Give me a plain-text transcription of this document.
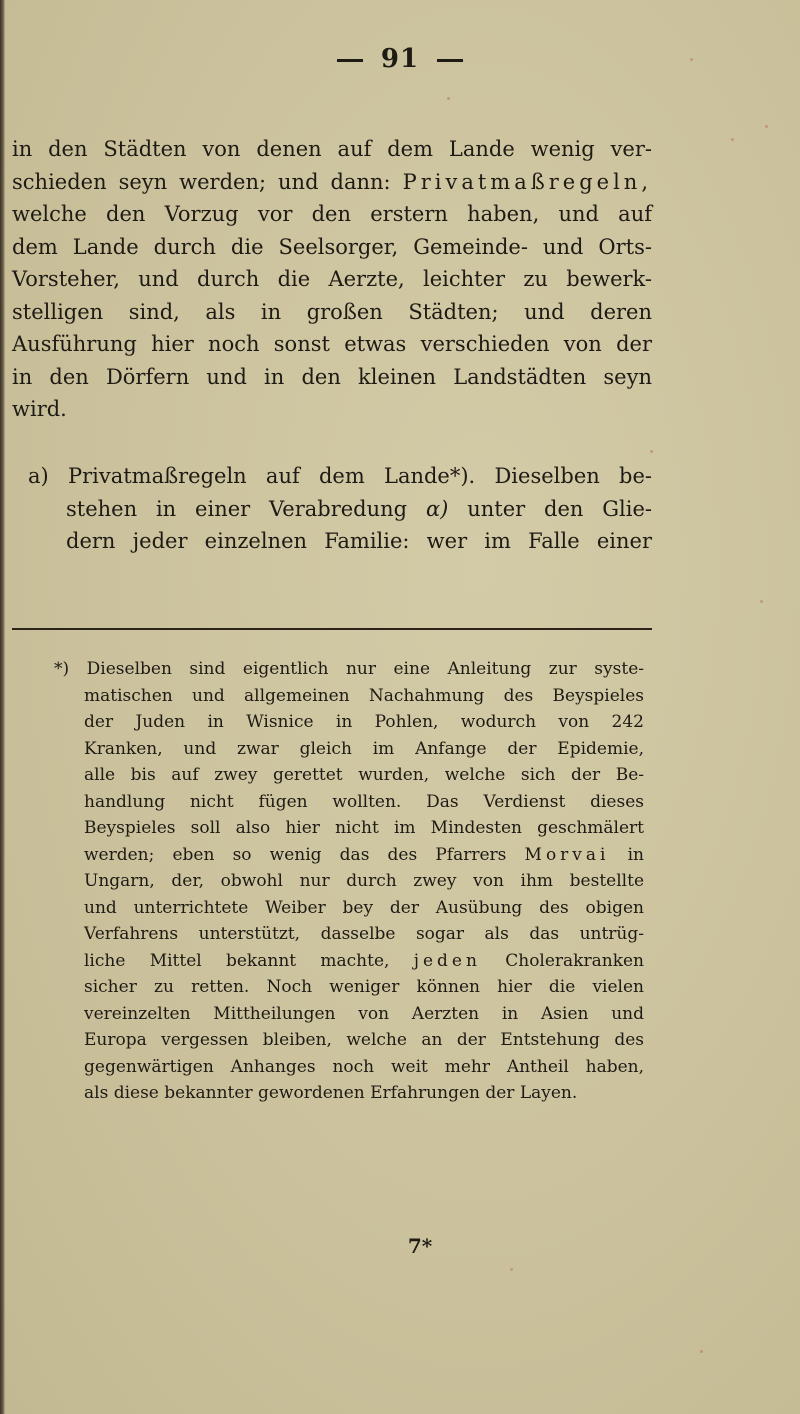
91
in den Städten von denen auf dem Lande wenig ver-
schieden seyn werden; und dann: Privatmaßregeln,
welche den Vorzug vor den erstern haben, und auf
dem Lande durch die Seelsorger, Gemeinde- und Orts-
Vorsteher, und durch die Aerzte, leichter zu bewerk-
stelligen sind, als in großen Städten; und deren
Ausführung hier noch sonst etwas verschieden von der
in den Dörfern und in den kleinen Landstädten seyn
wird.
a) Privatmaßregeln auf dem Lande*). Dieselben be-
stehen in einer Verabredung α) unter den Glie-
dern jeder einzelnen Familie: wer im Falle einer
*) Dieselben sind eigentlich nur eine Anleitung zur syste-
matischen und allgemeinen Nachahmung des Beyspieles
der Juden in Wisnice in Pohlen, wodurch von 242
Kranken, und zwar gleich im Anfange der Epidemie,
alle bis auf zwey gerettet wurden, welche sich der Be-
handlung nicht fügen wollten. Das Verdienst dieses
Beyspieles soll also hier nicht im Mindesten geschmälert
werden; eben so wenig das des Pfarrers Morvai in
Ungarn, der, obwohl nur durch zwey von ihm bestellte
und unterrichtete Weiber bey der Ausübung des obigen
Verfahrens unterstützt, dasselbe sogar als das untrüg-
liche Mittel bekannt machte, jeden Cholerakranken
sicher zu retten. Noch weniger können hier die vielen
vereinzelten Mittheilungen von Aerzten in Asien und
Europa vergessen bleiben, welche an der Entstehung des
gegenwärtigen Anhanges noch weit mehr Antheil haben,
als diese bekannter gewordenen Erfahrungen der Layen.
7*
